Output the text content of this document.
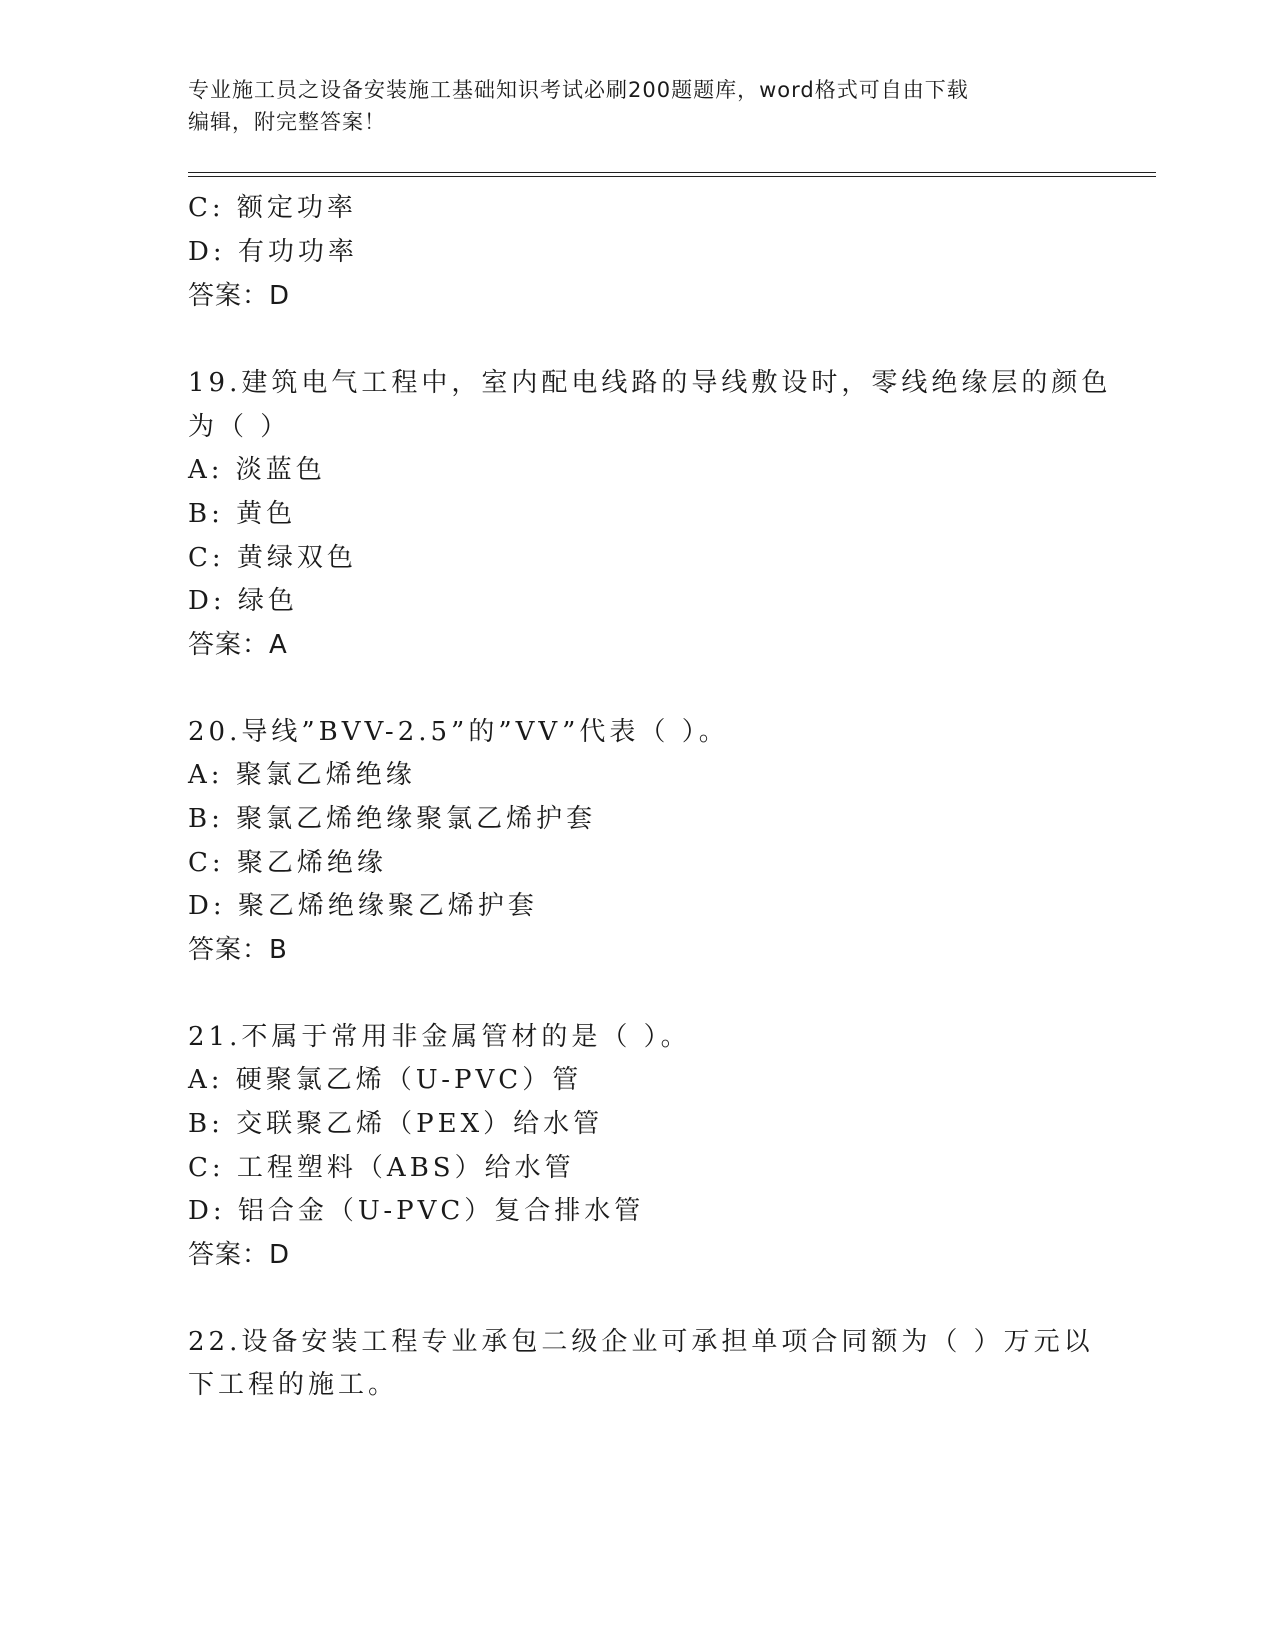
专业施工员之设备安装施工基础知识考试必刷200题题库，word格式可自由下载
编辑，附完整答案！
C: 额定功率
D: 有功功率
答案：D
19.建筑电气工程中，室内配电线路的导线敷设时，零线绝缘层的颜色
为（ ）
A: 淡蓝色
B: 黄色
C: 黄绿双色
D: 绿色
答案：A
20.导线”BVV-2.5”的”VV”代表（ ）。
A: 聚氯乙烯绝缘
B: 聚氯乙烯绝缘聚氯乙烯护套
C: 聚乙烯绝缘
D: 聚乙烯绝缘聚乙烯护套
答案：B
21.不属于常用非金属管材的是（ ）。
A: 硬聚氯乙烯（U-PVC）管
B: 交联聚乙烯（PEX）给水管
C: 工程塑料（ABS）给水管
D: 铝合金（U-PVC）复合排水管
答案：D
22.设备安装工程专业承包二级企业可承担单项合同额为（ ）万元以
下工程的施工。
